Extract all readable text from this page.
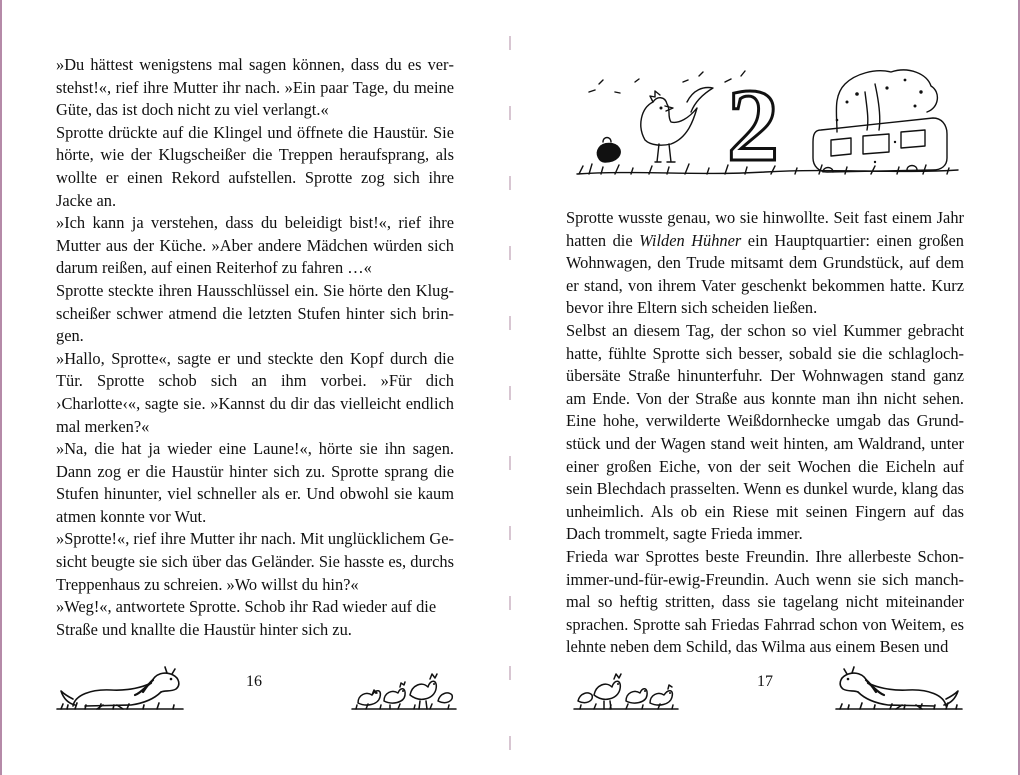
»Du hättest wenigstens mal sagen können, dass du es verstehst!«, rief ihre Mutter ihr nach. »Ein paar Tage, du meine Güte, das ist doch nicht zu viel verlangt.«

Sprotte drückte auf die Klingel und öffnete die Haustür. Sie hörte, wie der Klugscheißer die Treppen heraufsprang, als wollte er einen Rekord aufstellen. Sprotte zog sich ihre Jacke an.

»Ich kann ja verstehen, dass du beleidigt bist!«, rief ihre Mutter aus der Küche. »Aber andere Mädchen würden sich darum reißen, auf einen Reiterhof zu fahren …«

Sprotte steckte ihren Hausschlüssel ein. Sie hörte den Klugscheißer schwer atmend die letzten Stufen hinter sich bringen.

»Hallo, Sprotte«, sagte er und steckte den Kopf durch die Tür. Sprotte schob sich an ihm vorbei. »Für dich ›Charlotte‹«, sagte sie. »Kannst du dir das vielleicht endlich mal merken?«

»Na, die hat ja wieder eine Laune!«, hörte sie ihn sagen. Dann zog er die Haustür hinter sich zu. Sprotte sprang die Stufen hinunter, viel schneller als er. Und obwohl sie kaum atmen konnte vor Wut.

»Sprotte!«, rief ihre Mutter ihr nach. Mit unglücklichem Gesicht beugte sie sich über das Geländer. Sie hasste es, durchs Treppenhaus zu schreien. »Wo willst du hin?«

»Weg!«, antwortete Sprotte. Schob ihr Rad wieder auf die Straße und knallte die Haustür hinter sich zu.

16
2

Sprotte wusste genau, wo sie hinwollte. Seit fast einem Jahr hatten die Wilden Hühner ein Hauptquartier: einen großen Wohnwagen, den Trude mitsamt dem Grundstück, auf dem er stand, von ihrem Vater geschenkt bekommen hatte. Kurz bevor ihre Eltern sich scheiden ließen.

Selbst an diesem Tag, der schon so viel Kummer gebracht hatte, fühlte Sprotte sich besser, sobald sie die schlaglochübersäte Straße hinunterfuhr. Der Wohnwagen stand ganz am Ende. Von der Straße aus konnte man ihn nicht sehen. Eine hohe, verwilderte Weißdornhecke umgab das Grundstück und der Wagen stand weit hinten, am Waldrand, unter einer großen Eiche, von der seit Wochen die Eicheln auf sein Blechdach prasselten. Wenn es dunkel wurde, klang das unheimlich. Als ob ein Riese mit seinen Fingern auf das Dach trommelt, sagte Frieda immer.

Frieda war Sprottes beste Freundin. Ihre allerbeste Schonimmer-und-für-ewig-Freundin. Auch wenn sie sich manchmal so heftig stritten, dass sie tagelang nicht miteinander sprachen. Sprotte sah Friedas Fahrrad schon von Weitem, es lehnte neben dem Schild, das Wilma aus einem Besen und

17
